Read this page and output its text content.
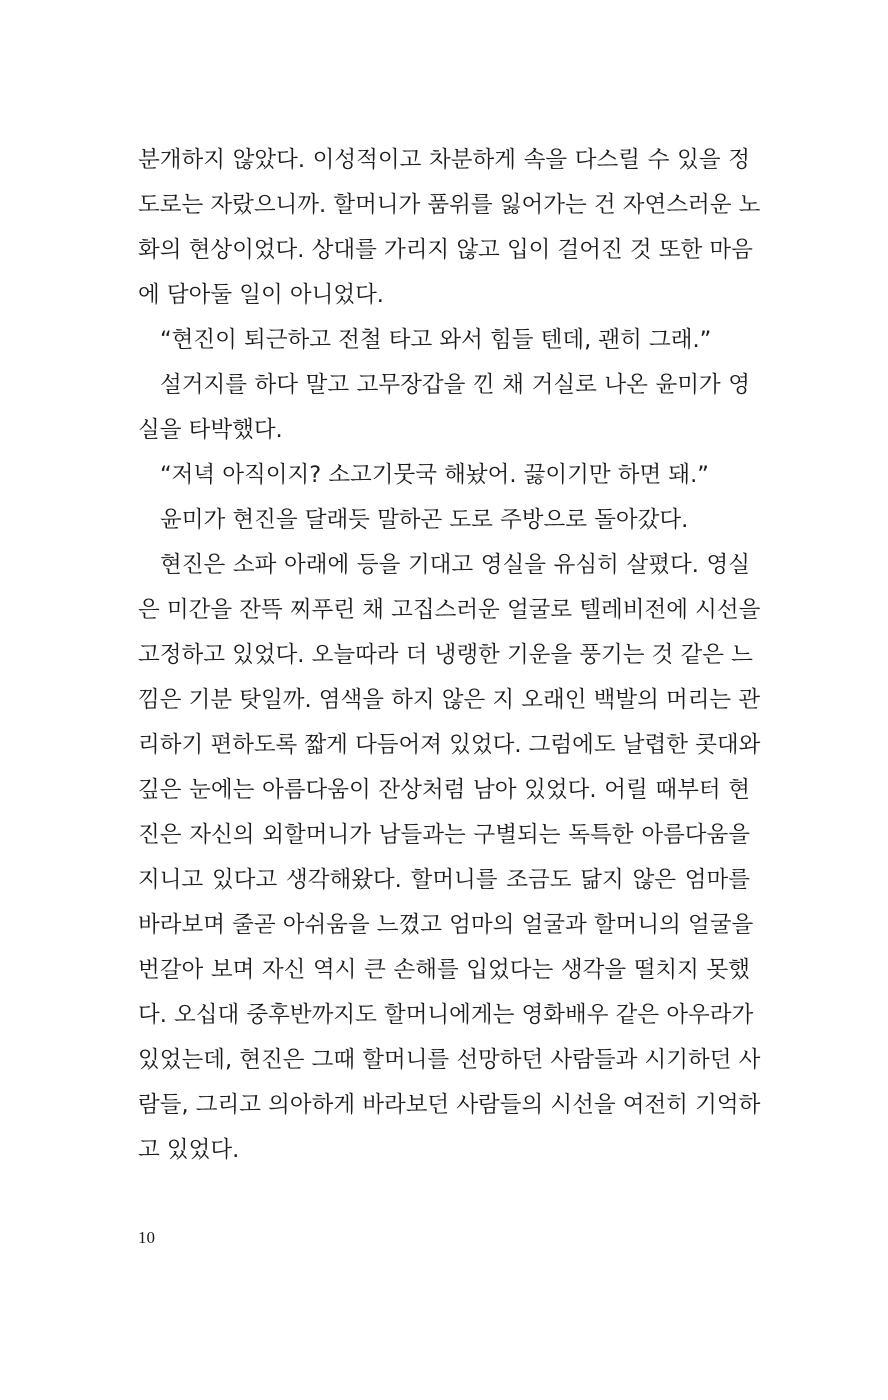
분개하지 않았다. 이성적이고 차분하게 속을 다스릴 수 있을 정
도로는 자랐으니까. 할머니가 품위를 잃어가는 건 자연스러운 노
화의 현상이었다. 상대를 가리지 않고 입이 걸어진 것 또한 마음
에 담아둘 일이 아니었다.
“현진이 퇴근하고 전철 타고 와서 힘들 텐데, 괜히 그래.”
설거지를 하다 말고 고무장갑을 낀 채 거실로 나온 윤미가 영
실을 타박했다.
“저녁 아직이지? 소고기뭇국 해놨어. 끓이기만 하면 돼.”
윤미가 현진을 달래듯 말하곤 도로 주방으로 돌아갔다.
현진은 소파 아래에 등을 기대고 영실을 유심히 살폈다. 영실
은 미간을 잔뜩 찌푸린 채 고집스러운 얼굴로 텔레비전에 시선을
고정하고 있었다. 오늘따라 더 냉랭한 기운을 풍기는 것 같은 느
낌은 기분 탓일까. 염색을 하지 않은 지 오래인 백발의 머리는 관
리하기 편하도록 짧게 다듬어져 있었다. 그럼에도 날렵한 콧대와
깊은 눈에는 아름다움이 잔상처럼 남아 있었다. 어릴 때부터 현
진은 자신의 외할머니가 남들과는 구별되는 독특한 아름다움을
지니고 있다고 생각해왔다. 할머니를 조금도 닮지 않은 엄마를
바라보며 줄곧 아쉬움을 느꼈고 엄마의 얼굴과 할머니의 얼굴을
번갈아 보며 자신 역시 큰 손해를 입었다는 생각을 떨치지 못했
다. 오십대 중후반까지도 할머니에게는 영화배우 같은 아우라가
있었는데, 현진은 그때 할머니를 선망하던 사람들과 시기하던 사
람들, 그리고 의아하게 바라보던 사람들의 시선을 여전히 기억하
고 있었다.
10
